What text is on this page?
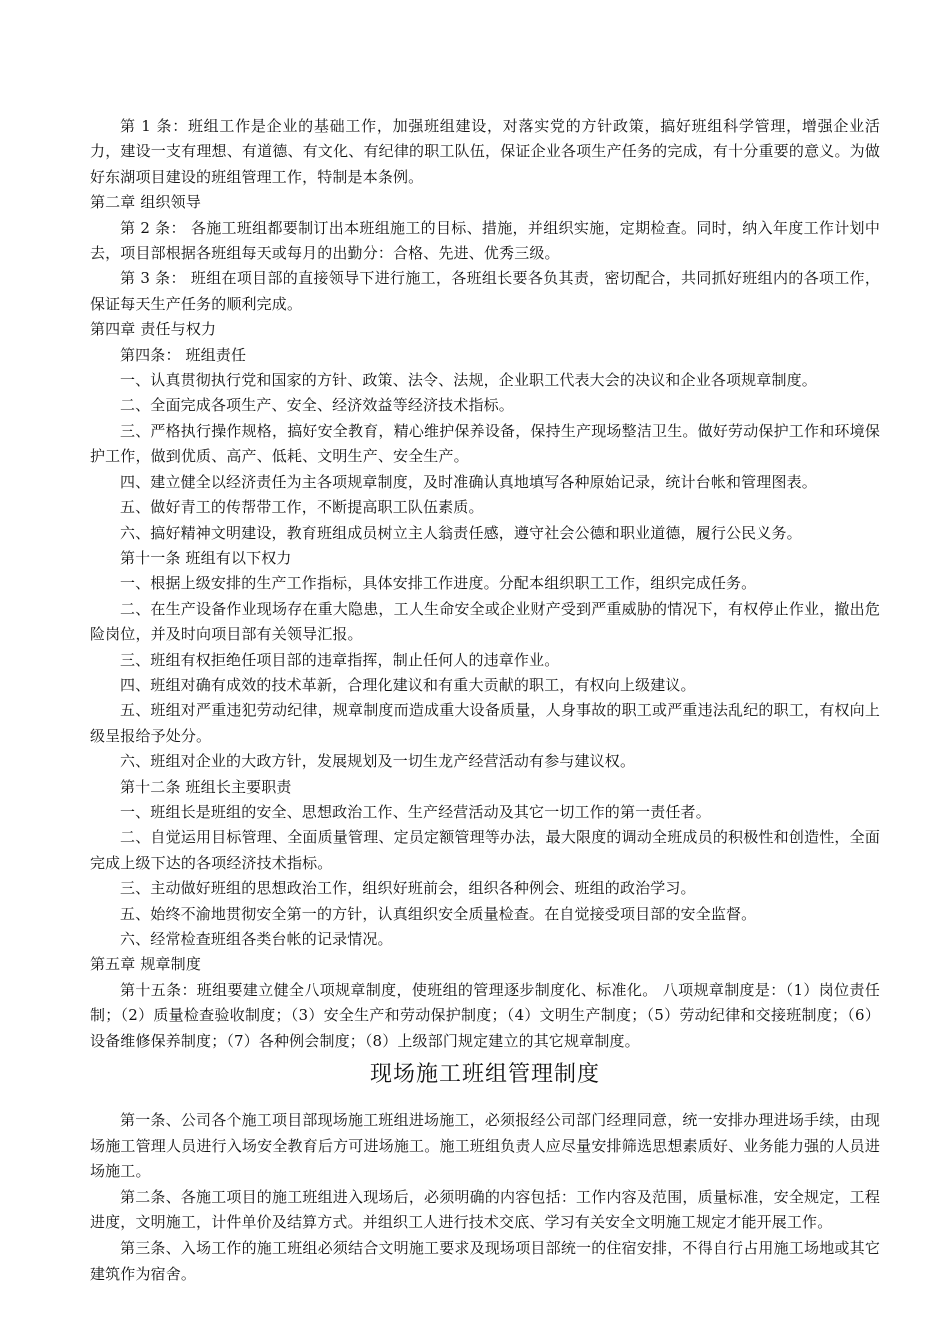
第 1 条：班组工作是企业的基础工作，加强班组建设，对落实党的方针政策，搞好班组科学管理，增强企业活力，建设一支有理想、有道德、有文化、有纪律的职工队伍，保证企业各项生产任务的完成，有十分重要的意义。为做好东湖项目建设的班组管理工作，特制是本条例。

第二章 组织领导

第 2 条： 各施工班组都要制订出本班组施工的目标、措施，并组织实施，定期检查。同时，纳入年度工作计划中去，项目部根据各班组每天或每月的出勤分：合格、先进、优秀三级。

第 3 条： 班组在项目部的直接领导下进行施工，各班组长要各负其责，密切配合，共同抓好班组内的各项工作，保证每天生产任务的顺利完成。

第四章 责任与权力

第四条： 班组责任

一、认真贯彻执行党和国家的方针、政策、法令、法规，企业职工代表大会的决议和企业各项规章制度。

二、全面完成各项生产、安全、经济效益等经济技术指标。

三、严格执行操作规格，搞好安全教育，精心维护保养设备，保持生产现场整洁卫生。做好劳动保护工作和环境保护工作，做到优质、高产、低耗、文明生产、安全生产。

四、建立健全以经济责任为主各项规章制度，及时准确认真地填写各种原始记录，统计台帐和管理图表。

五、做好青工的传帮带工作，不断提高职工队伍素质。

六、搞好精神文明建设，教育班组成员树立主人翁责任感，遵守社会公德和职业道德，履行公民义务。

第十一条 班组有以下权力

一、根据上级安排的生产工作指标，具体安排工作进度。分配本组织职工工作，组织完成任务。

二、在生产设备作业现场存在重大隐患，工人生命安全或企业财产受到严重威胁的情况下，有权停止作业，撤出危险岗位，并及时向项目部有关领导汇报。

三、班组有权拒绝任项目部的违章指挥，制止任何人的违章作业。

四、班组对确有成效的技术革新，合理化建议和有重大贡献的职工，有权向上级建议。

五、班组对严重违犯劳动纪律，规章制度而造成重大设备质量，人身事故的职工或严重违法乱纪的职工，有权向上级呈报给予处分。

六、班组对企业的大政方针，发展规划及一切生龙产经营活动有参与建议权。

第十二条 班组长主要职责

一、班组长是班组的安全、思想政治工作、生产经营活动及其它一切工作的第一责任者。

二、自觉运用目标管理、全面质量管理、定员定额管理等办法，最大限度的调动全班成员的积极性和创造性，全面完成上级下达的各项经济技术指标。

三、主动做好班组的思想政治工作，组织好班前会，组织各种例会、班组的政治学习。

五、始终不渝地贯彻安全第一的方针，认真组织安全质量检查。在自觉接受项目部的安全监督。

六、经常检查班组各类台帐的记录情况。

第五章 规章制度

第十五条：班组要建立健全八项规章制度，使班组的管理逐步制度化、标准化。 八项规章制度是：（1）岗位责任制；（2）质量检查验收制度；（3）安全生产和劳动保护制度；（4）文明生产制度；（5）劳动纪律和交接班制度；（6）设备维修保养制度；（7）各种例会制度；（8）上级部门规定建立的其它规章制度。

现场施工班组管理制度

第一条、公司各个施工项目部现场施工班组进场施工，必须报经公司部门经理同意，统一安排办理进场手续，由现场施工管理人员进行入场安全教育后方可进场施工。施工班组负责人应尽量安排筛选思想素质好、业务能力强的人员进场施工。

第二条、各施工项目的施工班组进入现场后，必须明确的内容包括：工作内容及范围，质量标准，安全规定，工程进度，文明施工，计件单价及结算方式。并组织工人进行技术交底、学习有关安全文明施工规定才能开展工作。

第三条、入场工作的施工班组必须结合文明施工要求及现场项目部统一的住宿安排，不得自行占用施工场地或其它建筑作为宿舍。
